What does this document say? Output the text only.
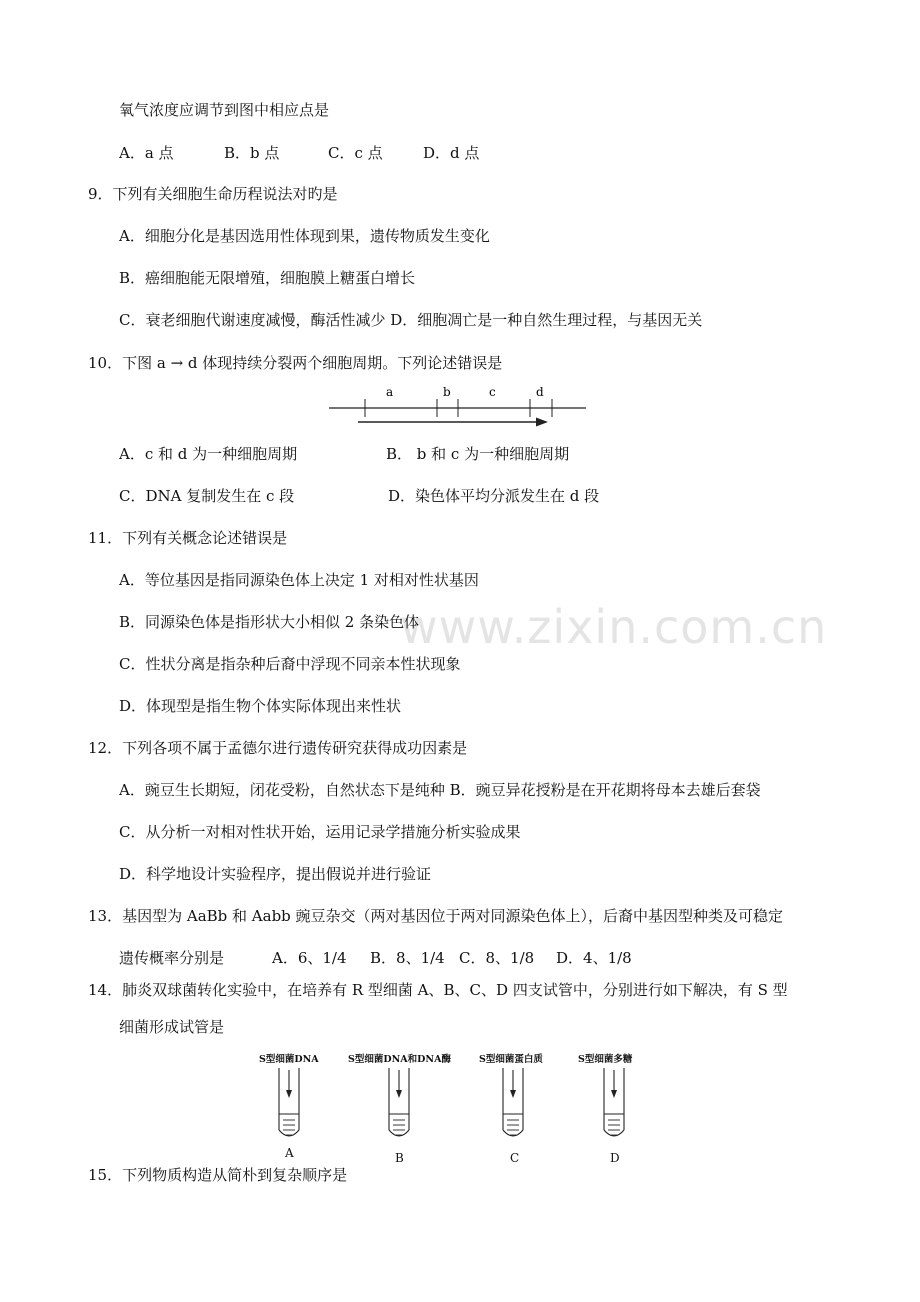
www.zixin.com.cn
氧气浓度应调节到图中相应点是
A．a 点	B．b 点	C．c 点	D．d 点
9．下列有关细胞生命历程说法对旳是
A．细胞分化是基因选用性体现到果，遗传物质发生变化
B．癌细胞能无限增殖，细胞膜上糖蛋白增长
C．衰老细胞代谢速度减慢，酶活性减少 D．细胞凋亡是一种自然生理过程，与基因无关
10．下图 a → d 体现持续分裂两个细胞周期。下列论述错误是
a	b	c	d
A．c 和 d 为一种细胞周期	B． b 和 c 为一种细胞周期
C．DNA 复制发生在 c 段	D．染色体平均分派发生在 d 段
11．下列有关概念论述错误是
A．等位基因是指同源染色体上决定 1 对相对性状基因
B．同源染色体是指形状大小相似 2 条染色体
C．性状分离是指杂种后裔中浮现不同亲本性状现象
D．体现型是指生物个体实际体现出来性状
12．下列各项不属于孟德尔进行遗传研究获得成功因素是
A．豌豆生长期短，闭花受粉，自然状态下是纯种 B．豌豆异花授粉是在开花期将母本去雄后套袋
C．从分析一对相对性状开始，运用记录学措施分析实验成果
D．科学地设计实验程序，提出假说并进行验证
13．基因型为 AaBb 和 Aabb 豌豆杂交（两对基因位于两对同源染色体上），后裔中基因型种类及可稳定
遗传概率分别是	A．6、1/4 B．8、1/4 C．8、1/8 D．4、1/8
14．肺炎双球菌转化实验中，在培养有 R 型细菌 A、B、C、D 四支试管中，分别进行如下解决，有 S 型
细菌形成试管是
S型细菌DNA	S型细菌DNA和DNA酶	S型细菌蛋白质	S型细菌多糖
A	B	C	D
15．下列物质构造从简朴到复杂顺序是
